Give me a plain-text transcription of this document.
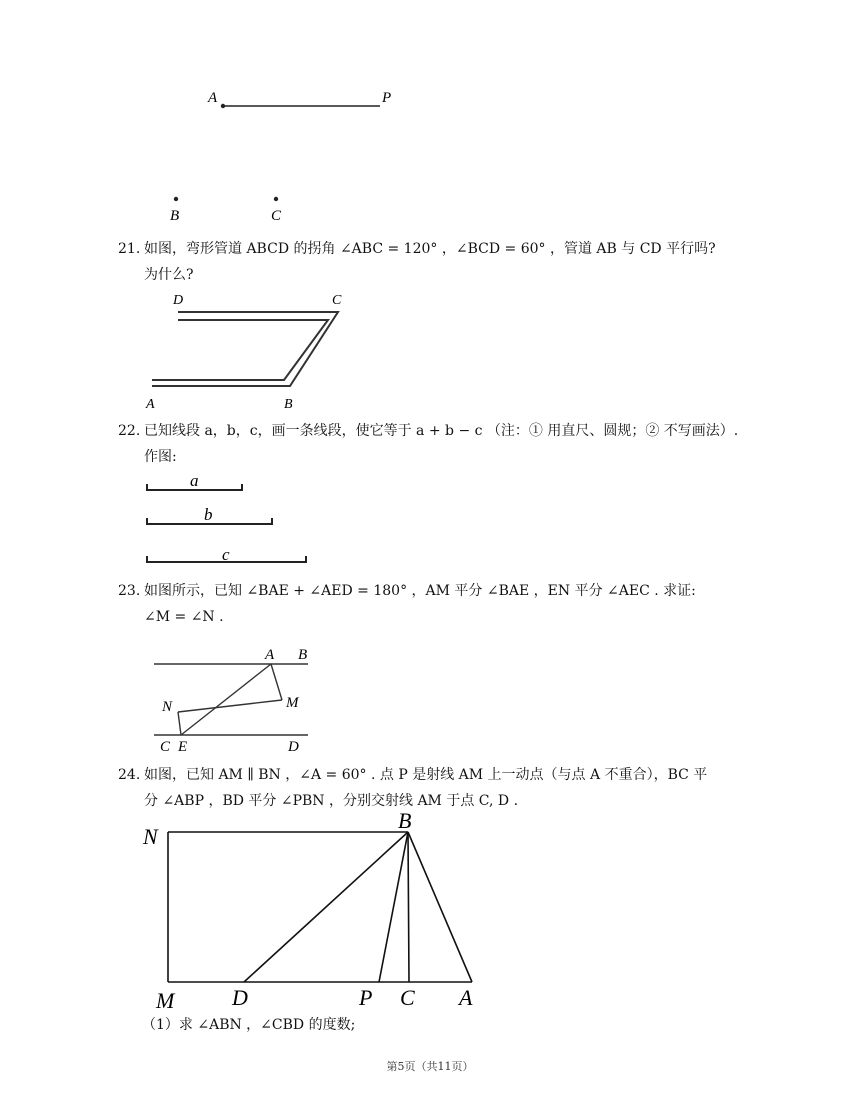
A	P
B	C
21. 如图，弯形管道 ABCD 的拐角 ∠ABC = 120° ，∠BCD = 60° ，管道 AB 与 CD 平行吗?
为什么?
D	C
A	B
22. 已知线段 a，b，c，画一条线段，使它等于 a + b − c （注：① 用直尺、圆规；② 不写画法）.
作图:
a
b
c
23. 如图所示，已知 ∠BAE + ∠AED = 180° ，AM 平分 ∠BAE ，EN 平分 ∠AEC . 求证:
∠M = ∠N .
A B
M
N
C E	D
24. 如图，已知 AM ∥ BN ，∠A = 60° . 点 P 是射线 AM 上一动点（与点 A 不重合），BC 平
分 ∠ABP ，BD 平分 ∠PBN ，分别交射线 AM 于点 C, D .
N
B
M	D	P C A
（1）求 ∠ABN ，∠CBD 的度数;
第5页（共11页）
